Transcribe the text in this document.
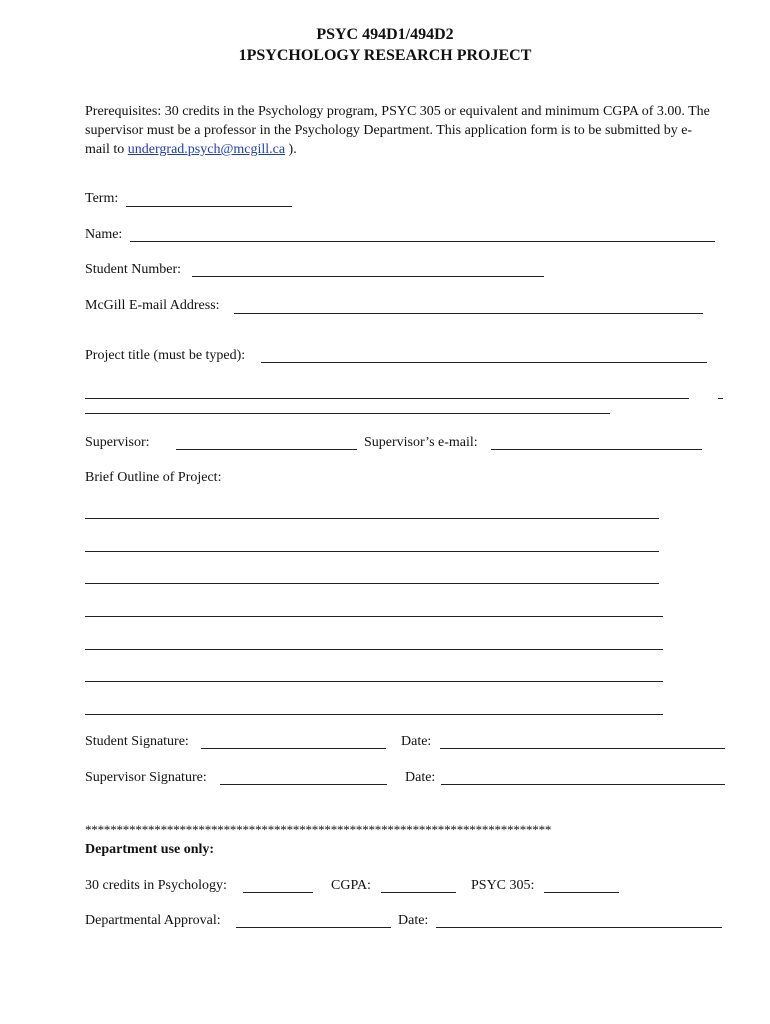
PSYC 494D1/494D2
1PSYCHOLOGY RESEARCH PROJECT
Prerequisites: 30 credits in the Psychology program, PSYC 305 or equivalent and minimum CGPA of 3.00. The supervisor must be a professor in the Psychology Department. This application form is to be submitted by e-mail to undergrad.psych@mcgill.ca ).
Term:
Name:
Student Number:
McGill E-mail Address:
Project title (must be typed):
Supervisor:	Supervisor’s e-mail:
Brief Outline of Project:
Student Signature:	Date:
Supervisor Signature:	Date:
**************************************************************************
Department use only:
30 credits in Psychology:	CGPA:	PSYC 305:
Departmental Approval:	Date:
